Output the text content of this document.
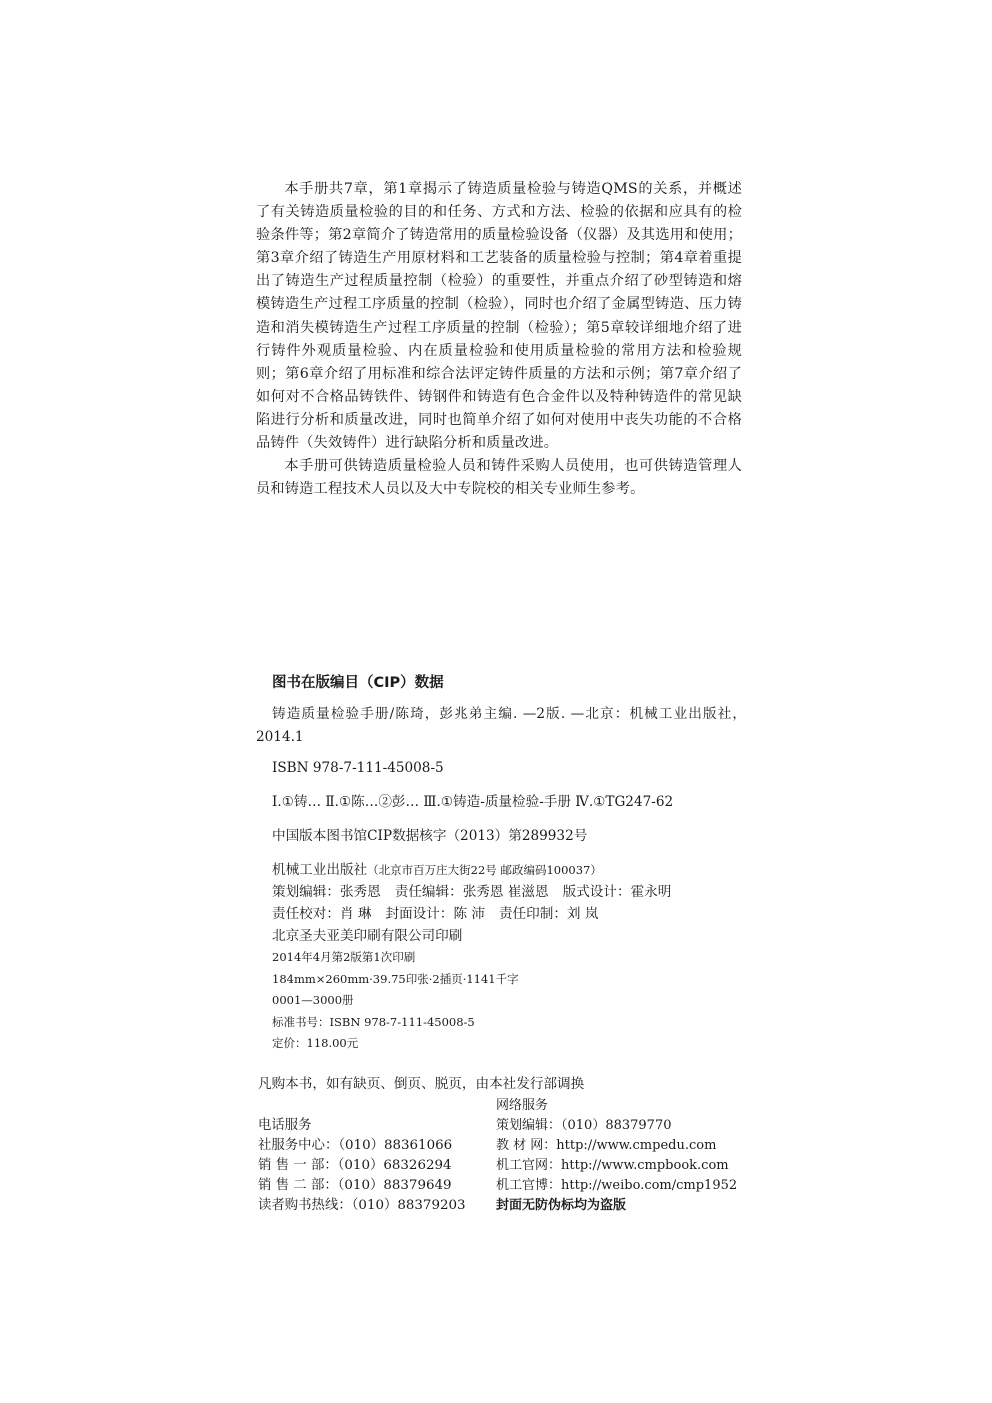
本手册共7章，第1章揭示了铸造质量检验与铸造QMS的关系，并概述了有关铸造质量检验的目的和任务、方式和方法、检验的依据和应具有的检验条件等；第2章简介了铸造常用的质量检验设备（仪器）及其选用和使用；第3章介绍了铸造生产用原材料和工艺装备的质量检验与控制；第4章着重提出了铸造生产过程质量控制（检验）的重要性，并重点介绍了砂型铸造和熔模铸造生产过程工序质量的控制（检验），同时也介绍了金属型铸造、压力铸造和消失模铸造生产过程工序质量的控制（检验）；第5章较详细地介绍了进行铸件外观质量检验、内在质量检验和使用质量检验的常用方法和检验规则；第6章介绍了用标准和综合法评定铸件质量的方法和示例；第7章介绍了如何对不合格品铸铁件、铸钢件和铸造有色合金件以及特种铸造件的常见缺陷进行分析和质量改进，同时也简单介绍了如何对使用中丧失功能的不合格品铸件（失效铸件）进行缺陷分析和质量改进。

本手册可供铸造质量检验人员和铸件采购人员使用，也可供铸造管理人员和铸造工程技术人员以及大中专院校的相关专业师生参考。

图书在版编目（CIP）数据
铸造质量检验手册/陈琦，彭兆弟主编. —2版. —北京：机械工业出版社，2014.1
ISBN 978-7-111-45008-5
Ⅰ.①铸… Ⅱ.①陈…②彭… Ⅲ.①铸造-质量检验-手册 Ⅳ.①TG247-62
中国版本图书馆CIP数据核字（2013）第289932号
机械工业出版社（北京市百万庄大街22号 邮政编码100037）
策划编辑：张秀恩 责任编辑：张秀恩 崔滋恩 版式设计：霍永明
责任校对：肖 琳 封面设计：陈 沛 责任印制：刘 岚
北京圣夫亚美印刷有限公司印刷
2014年4月第2版第1次印刷
184mm×260mm·39.75印张·2插页·1141千字
0001—3000册
标准书号：ISBN 978-7-111-45008-5
定价：118.00元
凡购本书，如有缺页、倒页、脱页，由本社发行部调换
电话服务
社服务中心：（010）88361066
销 售 一 部：（010）68326294
销 售 二 部：（010）88379649
读者购书热线：（010）88379203
网络服务
策划编辑：（010）88379770
教 材 网：http://www.cmpedu.com
机工官网：http://www.cmpbook.com
机工官博：http://weibo.com/cmp1952
封面无防伪标均为盗版
